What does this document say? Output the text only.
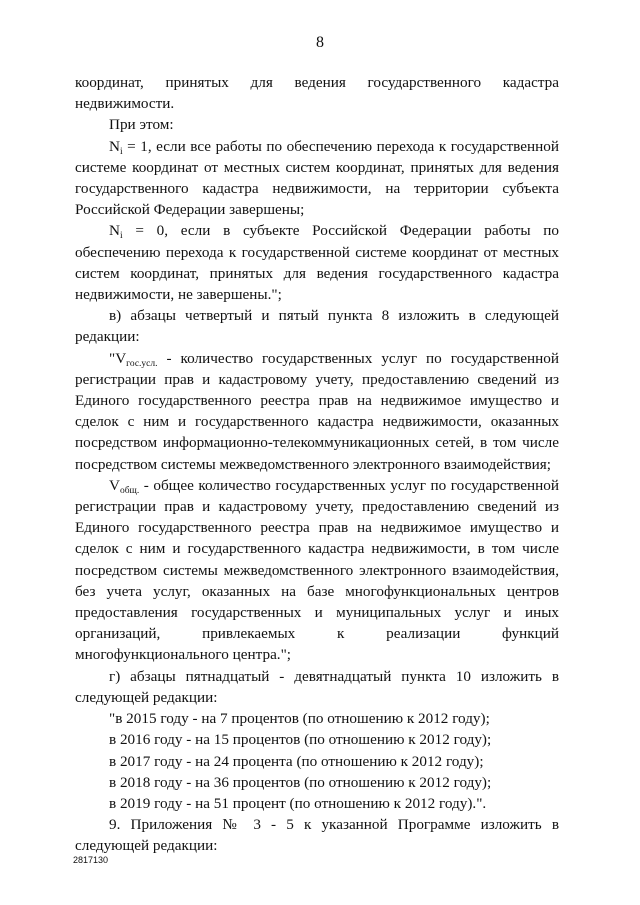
8

координат, принятых для ведения государственного кадастра недвижимости.

При этом:

$N_i = 1$, если все работы по обеспечению перехода к государственной системе координат от местных систем координат, принятых для ведения государственного кадастра недвижимости, на территории субъекта Российской Федерации завершены;

$N_i = 0$, если в субъекте Российской Федерации работы по обеспечению перехода к государственной системе координат от местных систем координат, принятых для ведения государственного кадастра недвижимости, не завершены.";

в) абзацы четвертый и пятый пункта 8 изложить в следующей редакции:

"$V_{гос.усл.}$ - количество государственных услуг по государственной регистрации прав и кадастровому учету, предоставлению сведений из Единого государственного реестра прав на недвижимое имущество и сделок с ним и государственного кадастра недвижимости, оказанных посредством информационно-телекоммуникационных сетей, в том числе посредством системы межведомственного электронного взаимодействия;

$V_{общ.}$ - общее количество государственных услуг по государственной регистрации прав и кадастровому учету, предоставлению сведений из Единого государственного реестра прав на недвижимое имущество и сделок с ним и государственного кадастра недвижимости, в том числе посредством системы межведомственного электронного взаимодействия, без учета услуг, оказанных на базе многофункциональных центров предоставления государственных и муниципальных услуг и иных организаций, привлекаемых к реализации функций многофункционального центра.";

г) абзацы пятнадцатый - девятнадцатый пункта 10 изложить в следующей редакции:

"в 2015 году - на 7 процентов (по отношению к 2012 году);

в 2016 году - на 15 процентов (по отношению к 2012 году);

в 2017 году - на 24 процента (по отношению к 2012 году);

в 2018 году - на 36 процентов (по отношению к 2012 году);

в 2019 году - на 51 процент (по отношению к 2012 году).".

9. Приложения № 3 - 5 к указанной Программе изложить в следующей редакции:

2817130
